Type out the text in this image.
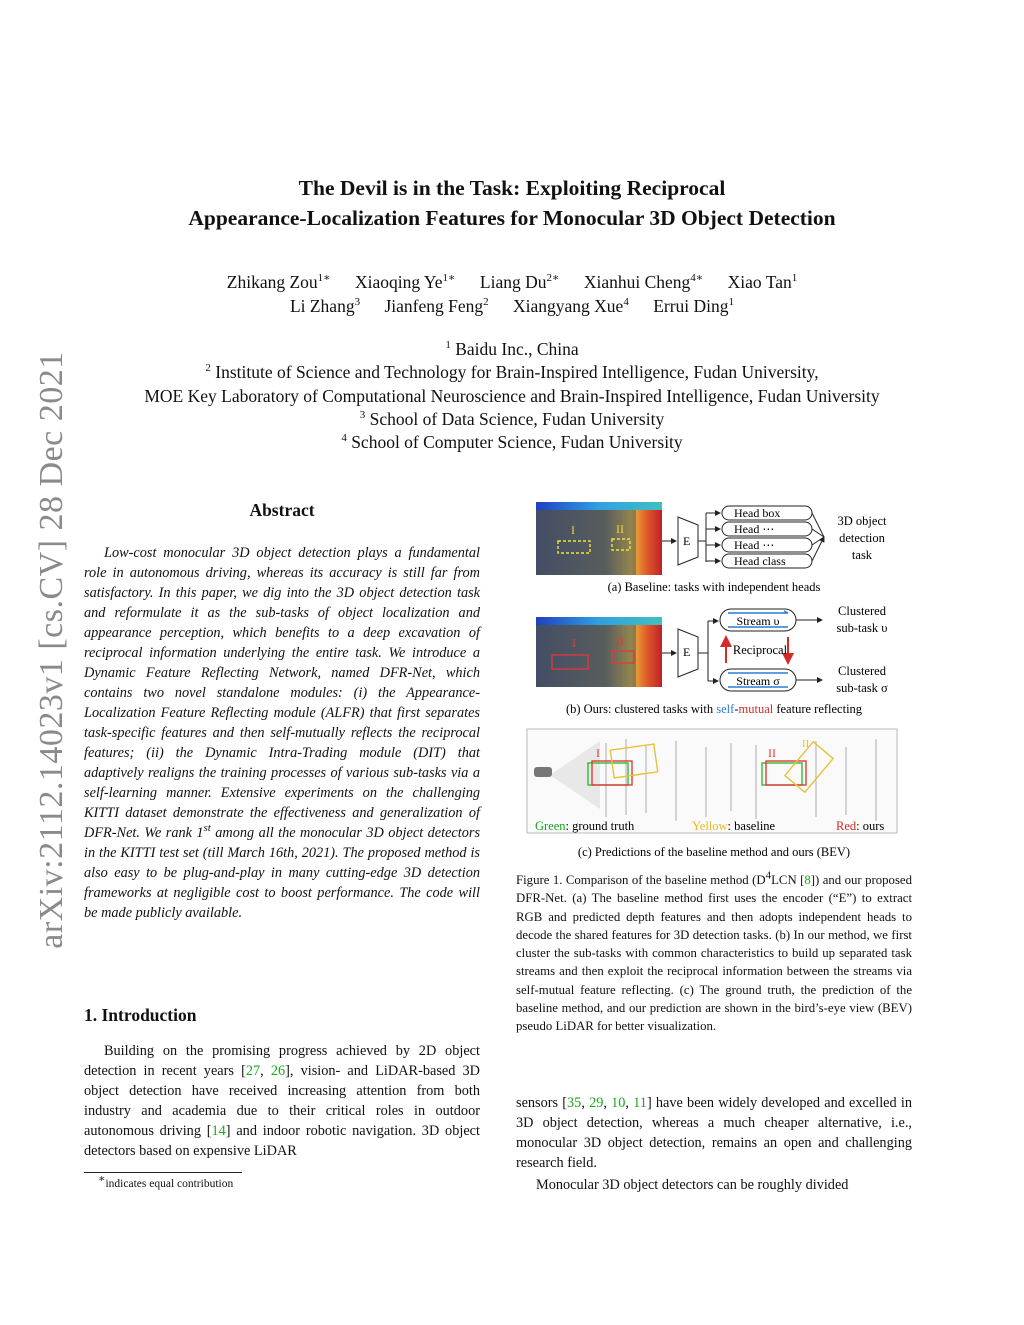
arXiv:2112.14023v1 [cs.CV] 28 Dec 2021
The Devil is in the Task: Exploiting Reciprocal
Appearance-Localization Features for Monocular 3D Object Detection
Zhikang Zou$^{1∗}$ Xiaoqing $Ye^{1∗}$ Liang $Du^{2∗}$ Xianhui Cheng$^{4∗}$ Xiao Tan$^1$
Li Zhang$^3$ Jianfeng Feng$^2$ Xiangyang Xue$^4$ Errui Ding$^1$
$^1$ Baidu Inc., China
$^2$ Institute of Science and Technology for Brain-Inspired Intelligence, Fudan University,
MOE Key Laboratory of Computational Neuroscience and Brain-Inspired Intelligence, Fudan University
$^3$ School of Data Science, Fudan University
$^4$ School of Computer Science, Fudan University
Abstract
Low-cost monocular 3D object detection plays a fundamental role in autonomous driving, whereas its accuracy is still far from satisfactory. In this paper, we dig into the 3D object detection task and reformulate it as the sub-tasks of object localization and appearance perception, which benefits to a deep excavation of reciprocal information underlying the entire task. We introduce a Dynamic Feature Reflecting Network, named DFR-Net, which contains two novel standalone modules: (i) the Appearance-Localization Feature Reflecting module (ALFR) that first separates task-specific features and then self-mutually reflects the reciprocal features; (ii) the Dynamic Intra-Trading module (DIT) that adaptively realigns the training processes of various sub-tasks via a self-learning manner. Extensive experiments on the challenging KITTI dataset demonstrate the effectiveness and generalization of DFR-Net. We rank 1st among all the monocular 3D object detectors in the KITTI test set (till March 16th, 2021). The proposed method is also easy to be plug-and-play in many cutting-edge 3D detection frameworks at negligible cost to boost performance. The code will be made publicly available.
1. Introduction
Building on the promising progress achieved by 2D object detection in recent years [27, 26], vision- and LiDAR-based 3D object detection have received increasing attention from both industry and academia due to their critical roles in outdoor autonomous driving [14] and indoor robotic navigation. 3D object detectors based on expensive LiDAR
∗indicates equal contribution
I	II
E
Head box
Head ⋯
Head ⋯
Head class
3D object
detection
task
(a) Baseline: tasks with independent heads
I	II
E
Stream υ
Stream σ
Reciprocal
Clustered
sub-task υ
Clustered
sub-task σ
(b) Ours: clustered tasks with self-mutual feature reflecting
I	II
II
Green: ground truth	Yellow: baseline	Red: ours
(c) Predictions of the baseline method and ours (BEV)
Figure 1. Comparison of the baseline method ($D^4LCN$ [8]) and our proposed DFR-Net. (a) The baseline method first uses the encoder (“E”) to extract RGB and predicted depth features and then adopts independent heads to decode the shared features for 3D detection tasks. (b) In our method, we first cluster the sub-tasks with common characteristics to build up separated task streams and then exploit the reciprocal information between the streams via self-mutual feature reflecting. (c) The ground truth, the prediction of the baseline method, and our prediction are shown in the bird’s-eye view (BEV) pseudo LiDAR for better visualization.

sensors [35, 29, 10, 11] have been widely developed and excelled in 3D object detection, whereas a much cheaper alternative, i.e., monocular 3D object detection, remains an open and challenging research field.

Monocular 3D object detectors can be roughly divided
